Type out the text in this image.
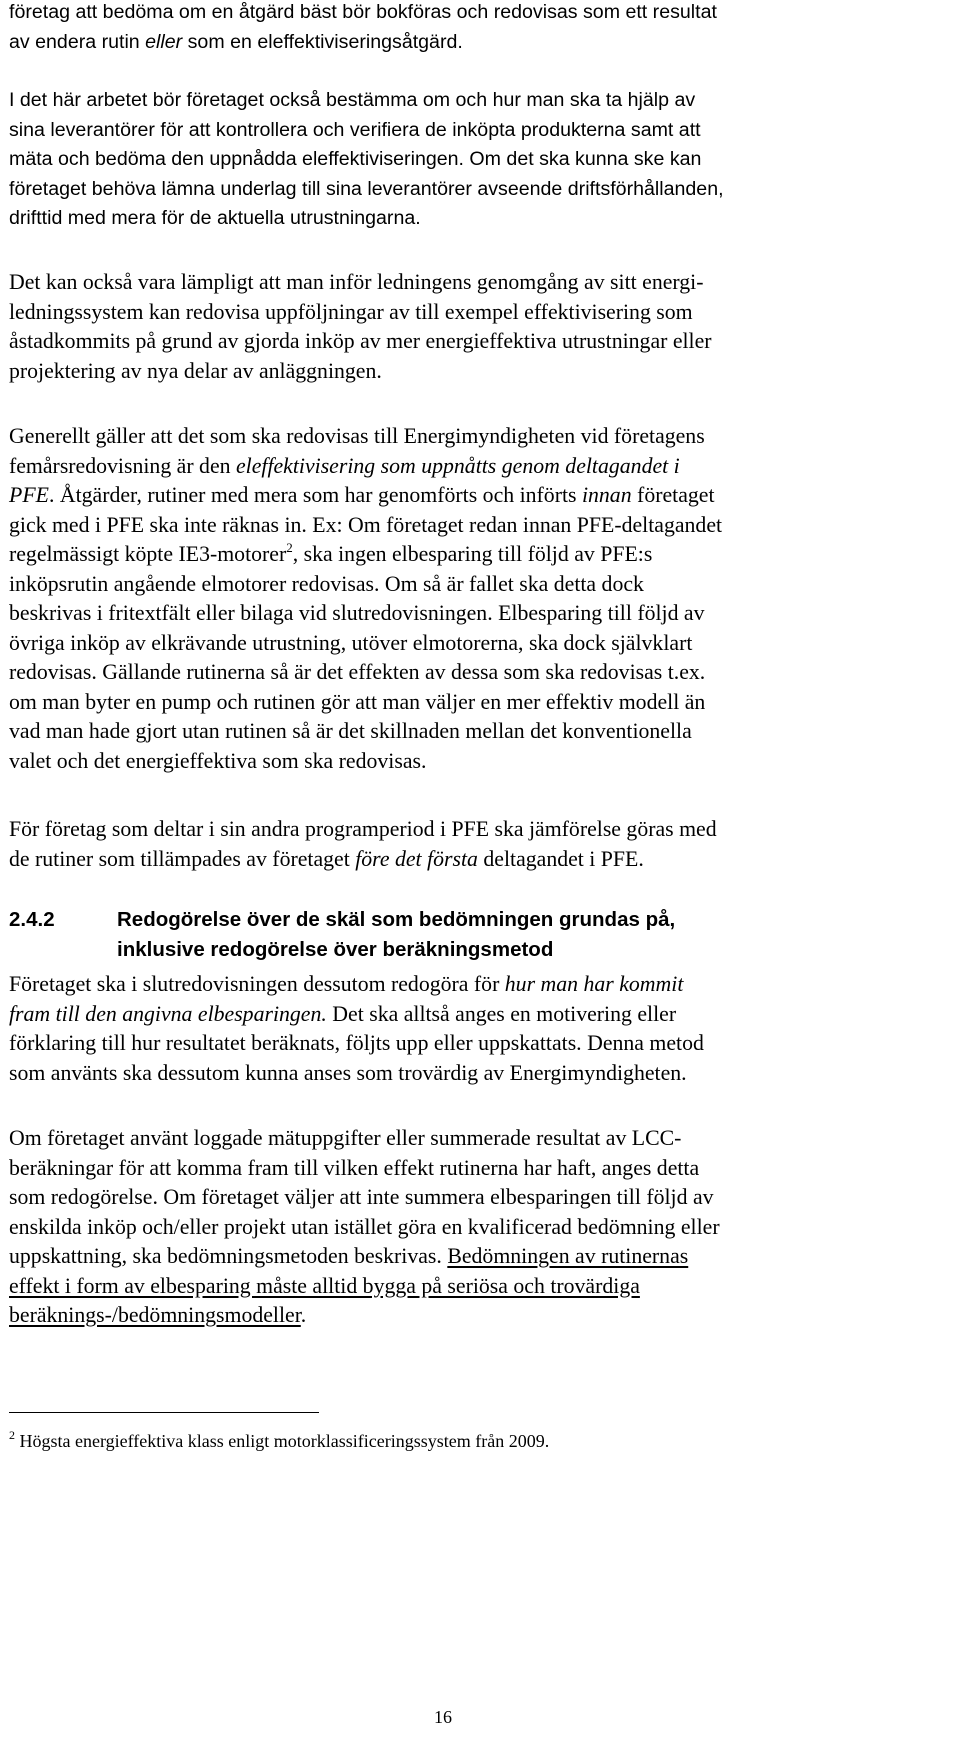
företag att bedöma om en åtgärd bäst bör bokföras och redovisas som ett resultat
av endera rutin eller som en eleffektiviseringsåtgärd.
I det här arbetet bör företaget också bestämma om och hur man ska ta hjälp av
sina leverantörer för att kontrollera och verifiera de inköpta produkterna samt att
mäta och bedöma den uppnådda eleffektiviseringen. Om det ska kunna ske kan
företaget behöva lämna underlag till sina leverantörer avseende driftsförhållanden,
drifttid med mera för de aktuella utrustningarna.
Det kan också vara lämpligt att man inför ledningens genomgång av sitt energi-
ledningssystem kan redovisa uppföljningar av till exempel effektivisering som
åstadkommits på grund av gjorda inköp av mer energieffektiva utrustningar eller
projektering av nya delar av anläggningen.
Generellt gäller att det som ska redovisas till Energimyndigheten vid företagens
femårsredovisning är den eleffektivisering som uppnåtts genom deltagandet i
PFE. Åtgärder, rutiner med mera som har genomförts och införts innan företaget
gick med i PFE ska inte räknas in. Ex: Om företaget redan innan PFE-deltagandet
regelmässigt köpte IE3-motorer$^2$, ska ingen elbesparing till följd av PFE:s
inköpsrutin angående elmotorer redovisas. Om så är fallet ska detta dock
beskrivas i fritextfält eller bilaga vid slutredovisningen. Elbesparing till följd av
övriga inköp av elkrävande utrustning, utöver elmotorerna, ska dock självklart
redovisas. Gällande rutinerna så är det effekten av dessa som ska redovisas t.ex.
om man byter en pump och rutinen gör att man väljer en mer effektiv modell än
vad man hade gjort utan rutinen så är det skillnaden mellan det konventionella
valet och det energieffektiva som ska redovisas.
För företag som deltar i sin andra programperiod i PFE ska jämförelse göras med
de rutiner som tillämpades av företaget före det första deltagandet i PFE.
2.4.2	Redogörelse över de skäl som bedömningen grundas på,
inklusive redogörelse över beräkningsmetod
Företaget ska i slutredovisningen dessutom redogöra för hur man har kommit
fram till den angivna elbesparingen. Det ska alltså anges en motivering eller
förklaring till hur resultatet beräknats, följts upp eller uppskattats. Denna metod
som använts ska dessutom kunna anses som trovärdig av Energimyndigheten.
Om företaget använt loggade mätuppgifter eller summerade resultat av LCC-
beräkningar för att komma fram till vilken effekt rutinerna har haft, anges detta
som redogörelse. Om företaget väljer att inte summera elbesparingen till följd av
enskilda inköp och/eller projekt utan istället göra en kvalificerad bedömning eller
uppskattning, ska bedömningsmetoden beskrivas. Bedömningen av rutinernas
effekt i form av elbesparing måste alltid bygga på seriösa och trovärdiga
beräknings-/bedömningsmodeller.
$^2$ Högsta energieffektiva klass enligt motorklassificeringssystem från 2009.
16
